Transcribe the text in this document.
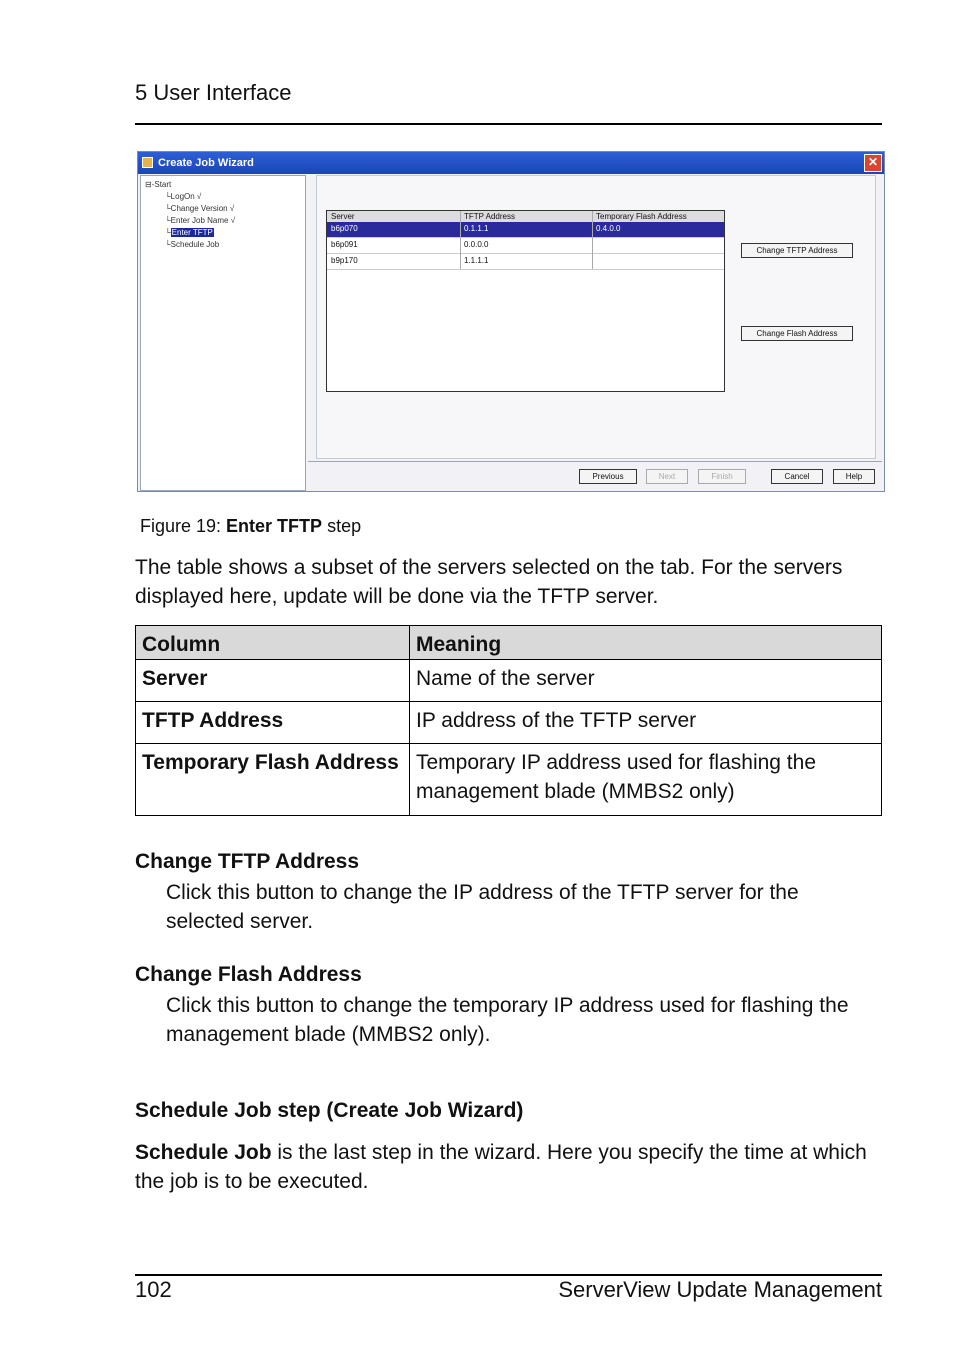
5 User Interface
Create Job Wizard	✕
⊟-Start
└LogOn √
└Change Version √
└Enter Job Name √
└Enter TFTP
└Schedule Job
Server	TFTP Address	Temporary Flash Address
b6p070	0.1.1.1	0.4.0.0
b6p091	0.0.0.0
b9p170	1.1.1.1
Change TFTP Address
Change Flash Address
Previous	Next	Finish	Cancel	Help
Figure 19: Enter TFTP step
The table shows a subset of the servers selected on the tab. For the servers displayed here, update will be done via the TFTP server.
Column	Meaning
Server	Name of the server
TFTP Address	IP address of the TFTP server
Temporary Flash Address	Temporary IP address used for flashing the management blade (MMBS2 only)
Change TFTP Address
Click this button to change the IP address of the TFTP server for the selected server.
Change Flash Address
Click this button to change the temporary IP address used for flashing the management blade (MMBS2 only).
Schedule Job step (Create Job Wizard)
Schedule Job is the last step in the wizard. Here you specify the time at which the job is to be executed.
102	ServerView Update Management
